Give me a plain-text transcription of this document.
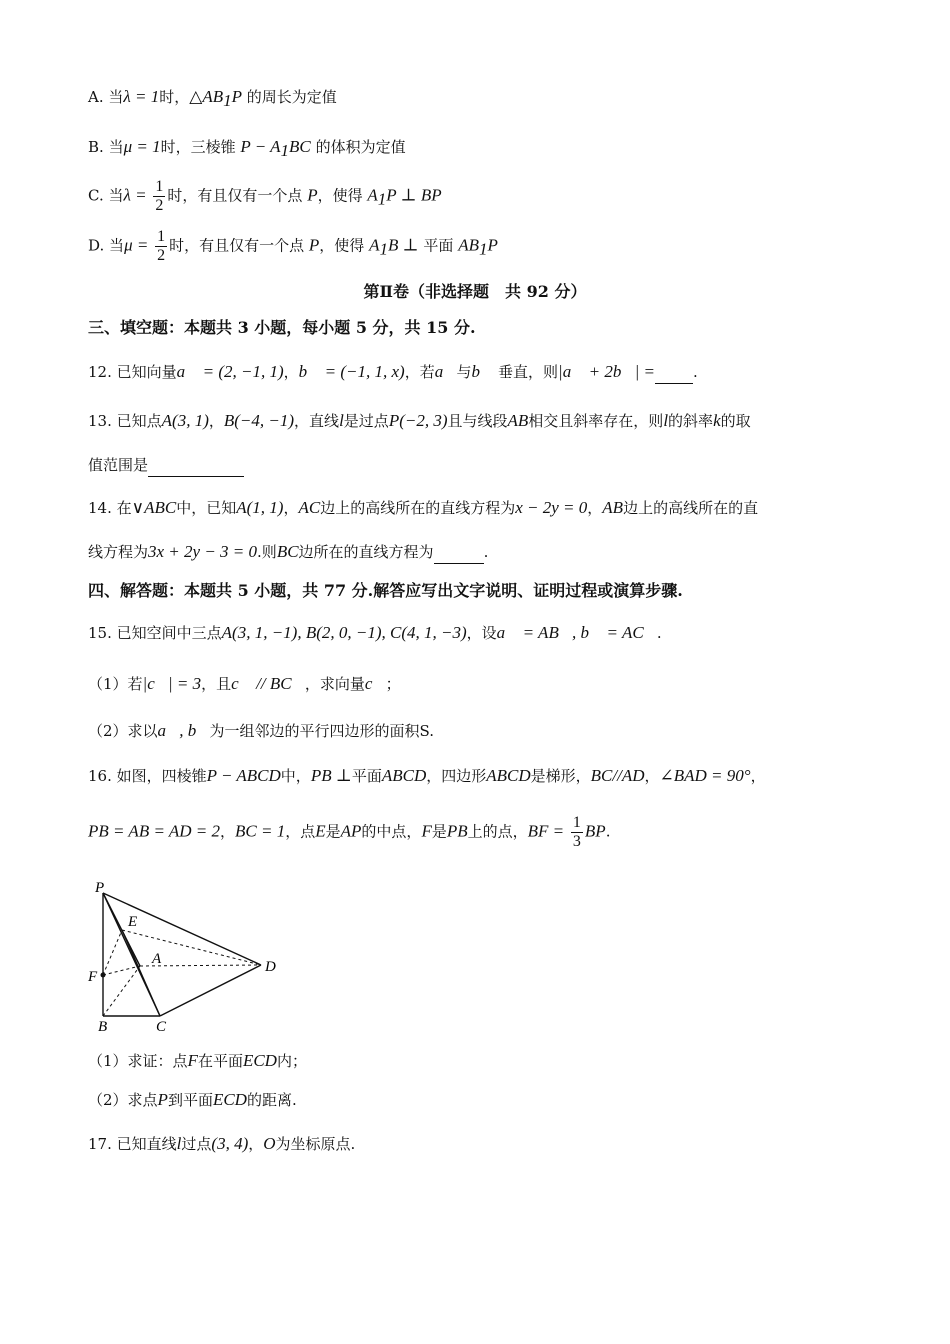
A. 当λ = 1时，$\triangle AB_1P$ 的周长为定值
B. 当μ = 1时，三棱锥 $P - A_1BC$ 的体积为定值
C. 当$\lambda = \frac{1}{2}$ 时，有且仅有一个点 P，使得 $A_1P$ ⊥ BP
D. 当$\mu = \frac{1}{2}$ 时，有且仅有一个点 P，使得 $A_1B$ ⊥ 平面 $AB_1P$
第Ⅱ卷（非选择题　共 92 分）
三、填空题：本题共 3 小题，每小题 5 分，共 15 分.
12. 已知向量a⃗ = (2, −1, 1)，b⃗ = (−1, 1, x)，若a⃗与b⃗ 垂直，则|a⃗ + 2b⃗| =	.
13. 已知点A(3, 1)，B(−4, −1)，直线l是过点P(−2, 3)且与线段AB相交且斜率存在，则l的斜率k的取
值范围是
14. 在∨ABC中，已知A(1, 1)，AC边上的高线所在的直线方程为x − 2y = 0，AB边上的高线所在的直
线方程为3x + 2y − 3 = 0.则BC边所在的直线方程为	.
四、解答题：本题共 5 小题，共 77 分.解答应写出文字说明、证明过程或演算步骤.
15. 已知空间中三点A(3, 1, −1), B(2, 0, −1), C(4, 1, −3)，设a⃗ = AB⃗, b⃗ = AC⃗.
（1）若|c⃗| = 3，且c⃗ // BC⃗，求向量c⃗；
（2）求以a⃗, b⃗为一组邻边的平行四边形的面积S.
16. 如图，四棱锥P − ABCD中，PB ⊥平面ABCD，四边形ABCD是梯形，BC//AD，∠BAD = 90°，
PB = AB = AD = 2，BC = 1，点E是AP的中点，F是PB上的点，BF = $\frac{1}{3}$ BP.
P
E
A	D
F
B	C
（1）求证：点F在平面ECD内；
（2）求点P到平面ECD的距离.
17. 已知直线l过点(3, 4)，O为坐标原点.
